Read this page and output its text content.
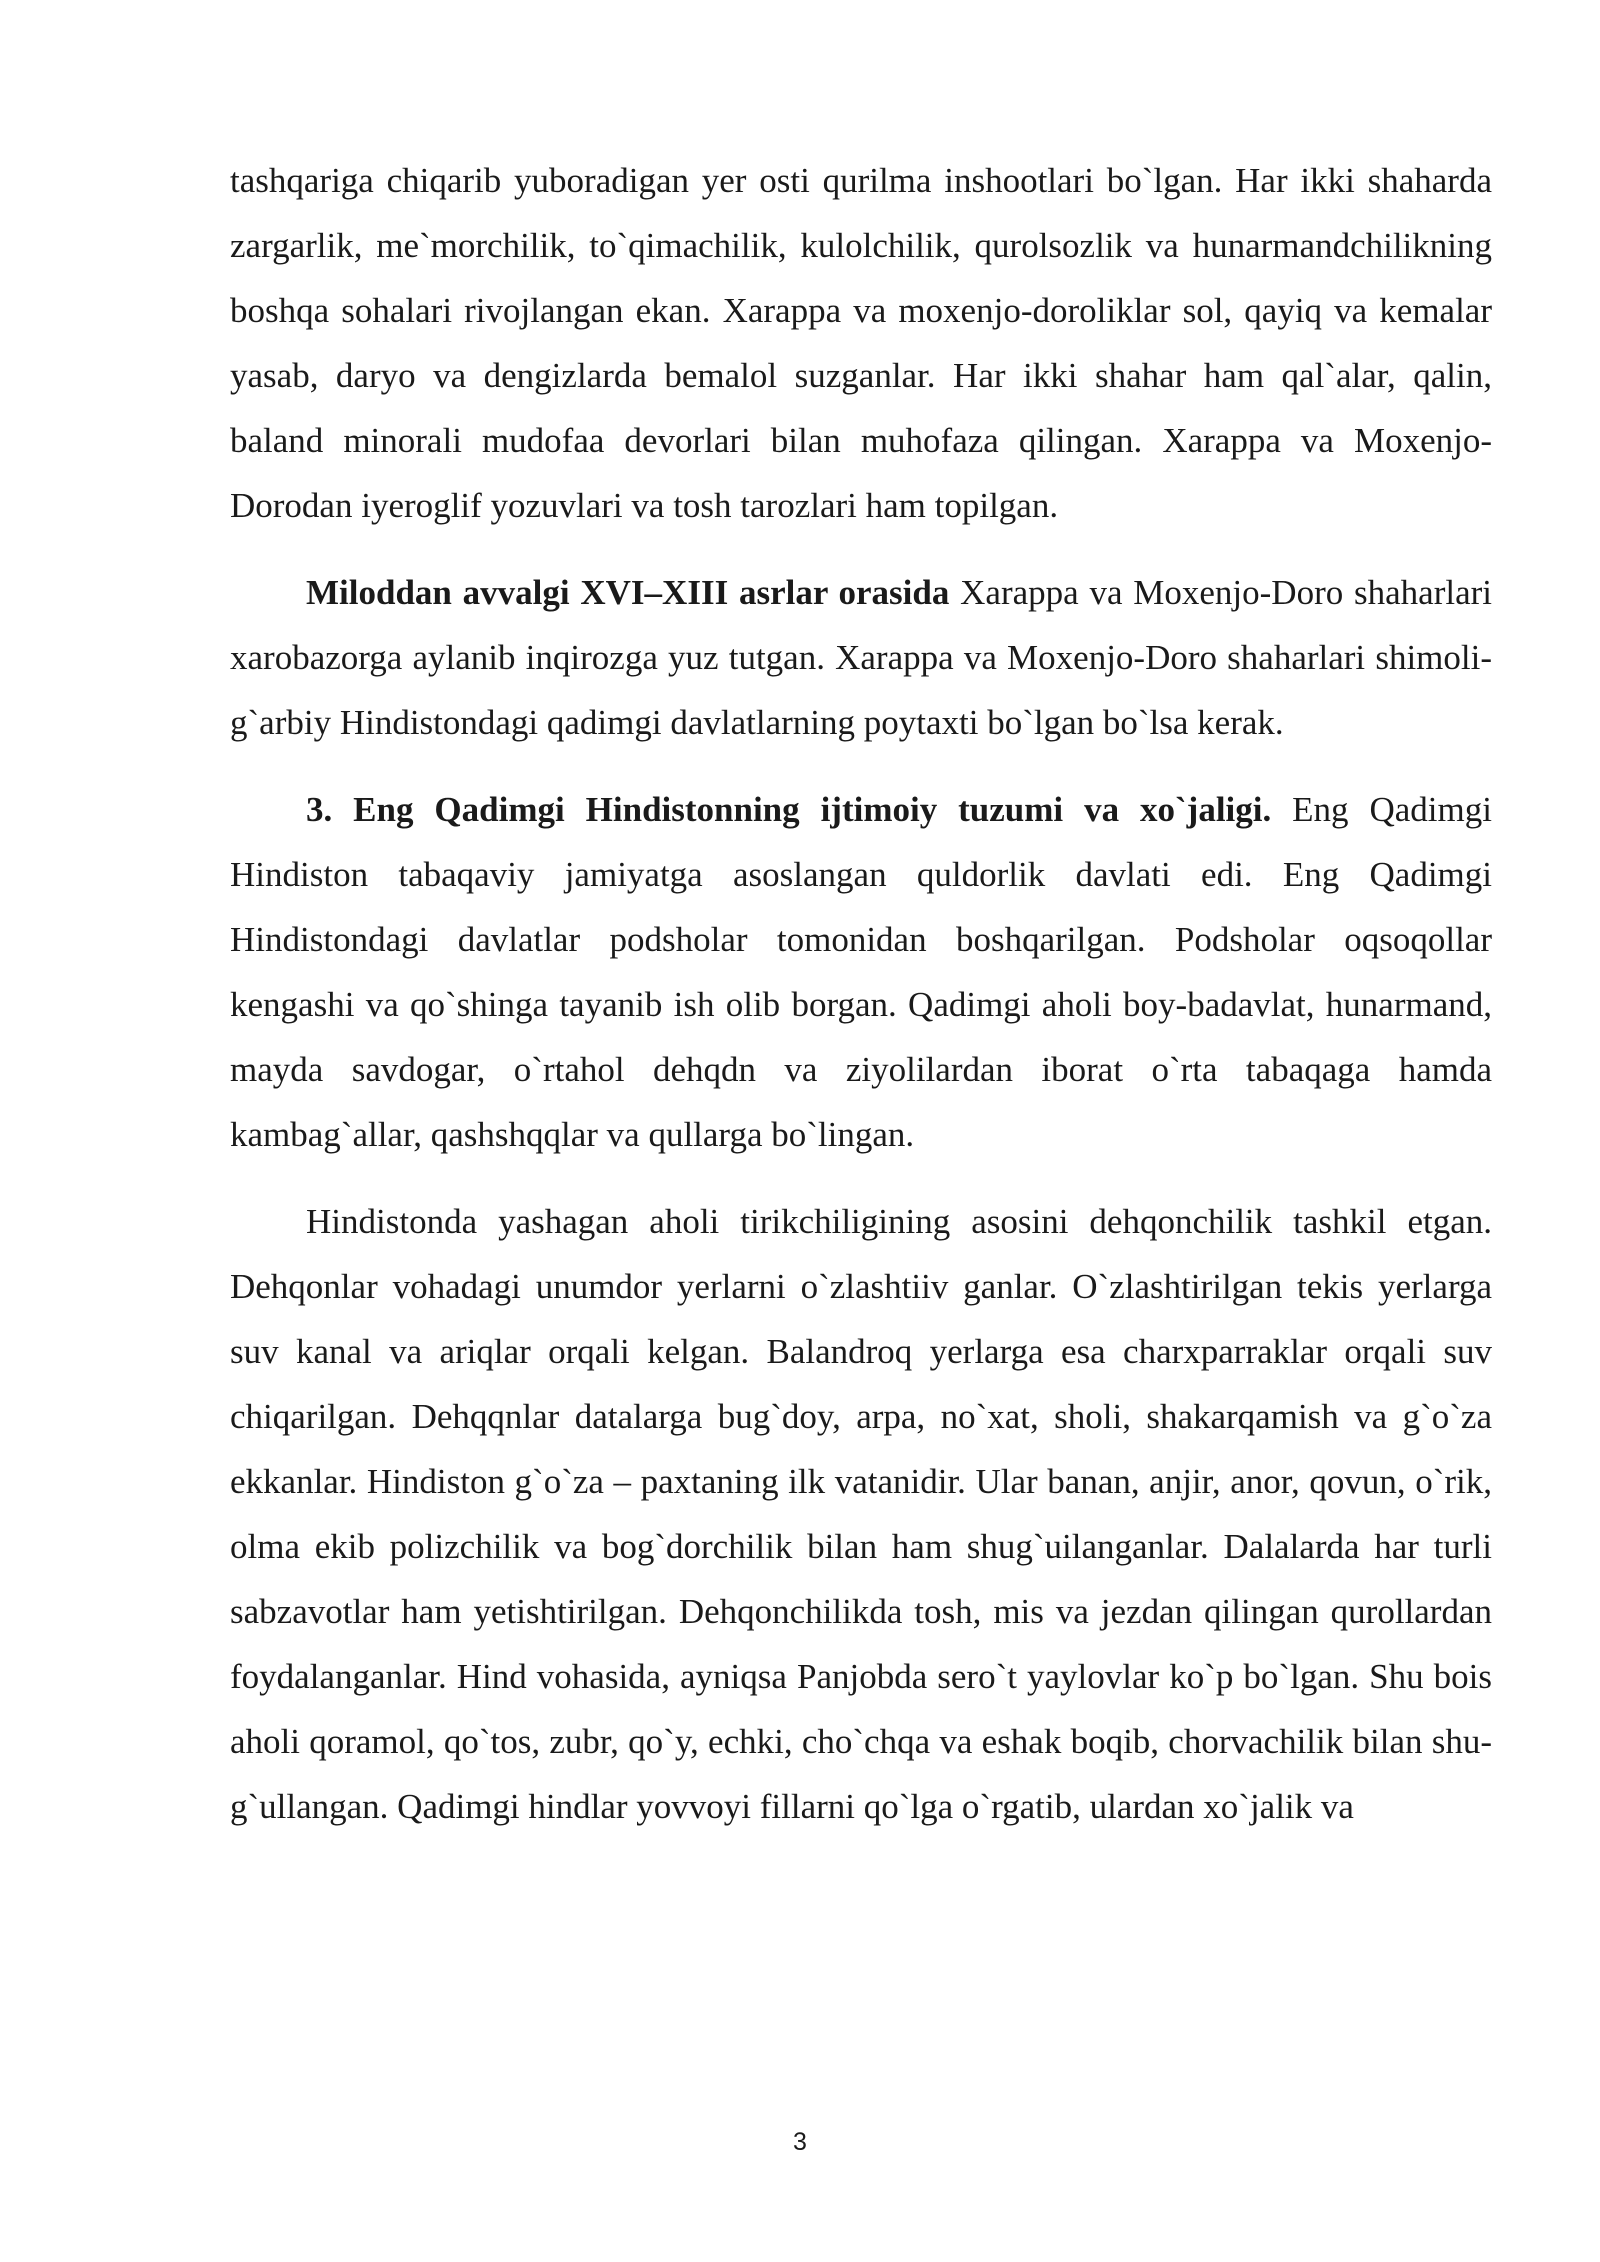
tashqariga chiqarib yuboradigan yer osti qurilma inshootlari bo`lgan. Har ikki shaharda zargarlik, me`morchilik, to`qimachilik, kulolchilik, qurolsozlik va hunarmandchilikning boshqa sohalari rivojlangan ekan. Xarappa va moxenjo-doroliklar sol, qayiq va kemalar yasab, daryo va dengizlarda bemalol suzganlar. Har ikki shahar ham qal`alar, qalin, baland minorali mudofaa devorlari bilan muhofaza qilingan. Xarappa va Moxenjo-Dorodan iyeroglif yozuvlari va tosh tarozlari ham topilgan.

Miloddan avvalgi XVI–XIII asrlar orasida Xarappa va Moxenjo-Doro shaharlari xarobazorga aylanib inqirozga yuz tutgan. Xarappa va Moxenjo-Doro shaharlari shimoli-g`arbiy Hindistondagi qadimgi davlatlarning poytaxti bo`lgan bo`lsa kerak.

3. Eng Qadimgi Hindistonning ijtimoiy tuzumi va xo`jaligi. Eng Qadimgi Hindiston tabaqaviy jamiyatga asoslangan quldorlik davlati edi. Eng Qadimgi Hindistondagi davlatlar podsholar tomonidan boshqarilgan. Podsholar oqsoqollar kengashi va qo`shinga tayanib ish olib borgan. Qadimgi aholi boy-badavlat, hunarmand, mayda savdogar, o`rtahol dehqdn va ziyolilardan iborat o`rta tabaqaga hamda kambag`allar, qashshqqlar va qullarga bo`lingan.

Hindistonda yashagan aholi tirikchiligining asosini dehqonchilik tashkil etgan. Dehqonlar vohadagi unumdor yerlarni o`zlashtiiv ganlar. O`zlashtirilgan tekis yerlarga suv kanal va ariqlar orqali kelgan. Balandroq yerlarga esa charxparraklar orqali suv chiqarilgan. Dehqqnlar datalarga bug`doy, arpa, no`xat, sholi, shakarqamish va g`o`za ekkanlar. Hindiston g`o`za – paxtaning ilk vatanidir. Ular banan, anjir, anor, qovun, o`rik, olma ekib polizchilik va bog`dorchilik bilan ham shug`uilanganlar. Dalalarda har turli sabzavotlar ham yetishtirilgan. Dehqonchilikda tosh, mis va jezdan qilingan qurollardan foydalanganlar. Hind vohasida, ayniqsa Panjobda sero`t yaylovlar ko`p bo`lgan. Shu bois aholi qoramol, qo`tos, zubr, qo`y, echki, cho`chqa va eshak boqib, chorvachilik bilan shu-g`ullangan. Qadimgi hindlar yovvoyi fillarni qo`lga o`rgatib, ulardan xo`jalik va

3
